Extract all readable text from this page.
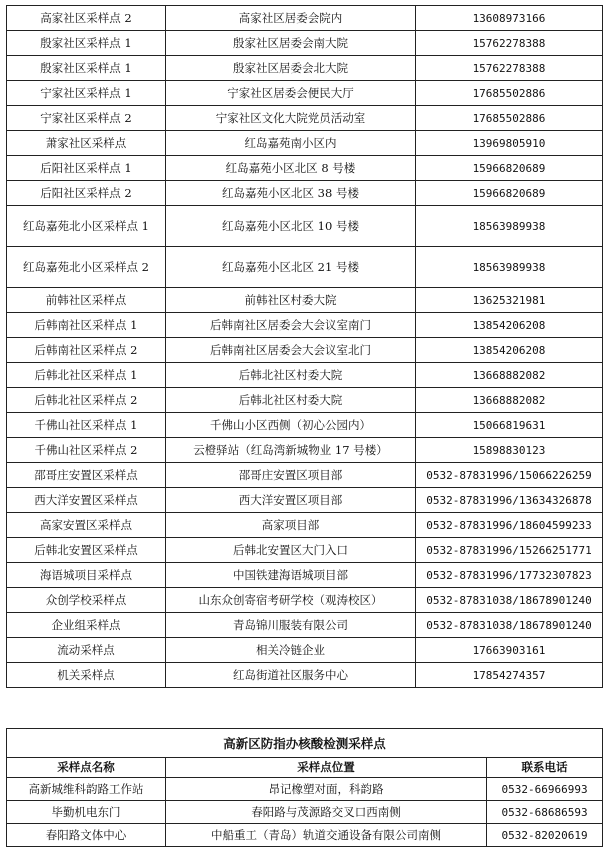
高家社区采样点 2	高家社区居委会院内	13608973166
殷家社区采样点 1	殷家社区居委会南大院	15762278388
殷家社区采样点 1	殷家社区居委会北大院	15762278388
宁家社区采样点 1	宁家社区居委会便民大厅	17685502886
宁家社区采样点 2	宁家社区文化大院党员活动室	17685502886
萧家社区采样点	红岛嘉苑南小区内	13969805910
后阳社区采样点 1	红岛嘉苑小区北区 8 号楼	15966820689
后阳社区采样点 2	红岛嘉苑小区北区 38 号楼	15966820689
红岛嘉苑北小区采样点 1	红岛嘉苑小区北区 10 号楼	18563989938
红岛嘉苑北小区采样点 2	红岛嘉苑小区北区 21 号楼	18563989938
前韩社区采样点	前韩社区村委大院	13625321981
后韩南社区采样点 1	后韩南社区居委会大会议室南门	13854206208
后韩南社区采样点 2	后韩南社区居委会大会议室北门	13854206208
后韩北社区采样点 1	后韩北社区村委大院	13668882082
后韩北社区采样点 2	后韩北社区村委大院	13668882082
千佛山社区采样点 1	千佛山小区西侧（初心公园内）	15066819631
千佛山社区采样点 2	云橙驿站（红岛湾新城物业 17 号楼）	15898830123
邵哥庄安置区采样点	邵哥庄安置区项目部	0532-87831996/15066226259
西大洋安置区采样点	西大洋安置区项目部	0532-87831996/13634326878
高家安置区采样点	高家项目部	0532-87831996/18604599233
后韩北安置区采样点	后韩北安置区大门入口	0532-87831996/15266251771
海语城项目采样点	中国铁建海语城项目部	0532-87831996/17732307823
众创学校采样点	山东众创寄宿考研学校（观涛校区）	0532-87831038/18678901240
企业组采样点	青岛锦川服装有限公司	0532-87831038/18678901240
流动采样点	相关冷链企业	17663903161
机关采样点	红岛街道社区服务中心	17854274357
高新区防指办核酸检测采样点		
采样点名称	采样点位置	联系电话
高新城维科韵路工作站	昂记橡塑对面，科韵路	0532-66966993
毕勤机电东门	春阳路与茂源路交叉口西南侧	0532-68686593
春阳路文体中心	中船重工（青岛）轨道交通设备有限公司南侧	0532-82020619
